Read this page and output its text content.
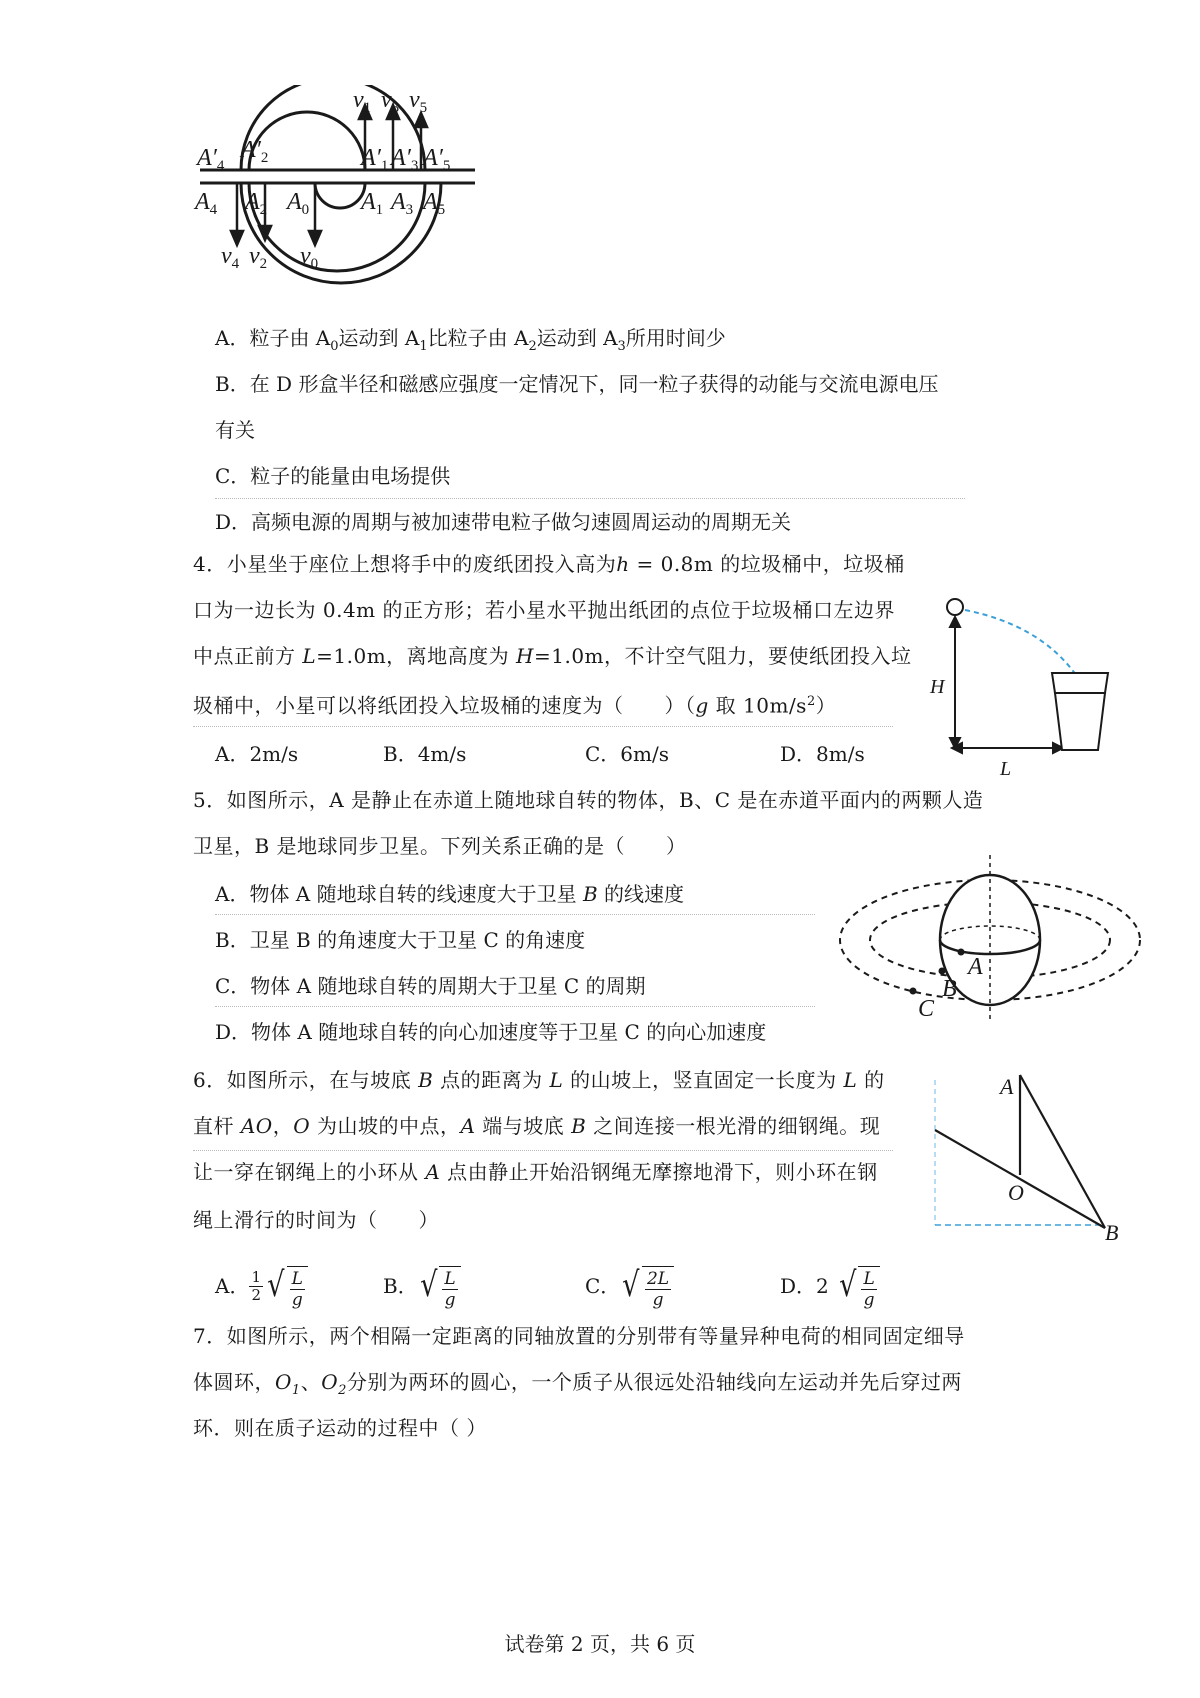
$v_1$ $v_3$ $v_5$
$v_4$ $v_2$ $v_0$
$A'_4$
$A'_2$	$A'_1$ $A'_3$ $A'_5$
$A_4$ $A_2$ $A_0$ $A_1$ $A_3$ $A_5$
A．粒子由 $A_0$运动到 $A_1$比粒子由 $A_2$运动到 $A_3$所用时间少
B．在 D 形盒半径和磁感应强度一定情况下，同一粒子获得的动能与交流电源电压
有关
C．粒子的能量由电场提供
D．高频电源的周期与被加速带电粒子做匀速圆周运动的周期无关
4．小星坐于座位上想将手中的废纸团投入高为h = 0.8m 的垃圾桶中，垃圾桶
口为一边长为 0.4m 的正方形；若小星水平抛出纸团的点位于垃圾桶口左边界
中点正前方 L=1.0m，离地高度为 H=1.0m，不计空气阻力，要使纸团投入垃
圾桶中，小星可以将纸团投入垃圾桶的速度为（　　）（g 取 $10m/s^2$）
A．2m/s	B．4m/s	C．6m/s	D．8m/s
H
L
5．如图所示，A 是静止在赤道上随地球自转的物体，B、C 是在赤道平面内的两颗人造
卫星，B 是地球同步卫星。下列关系正确的是（　　）
A．物体 A 随地球自转的线速度大于卫星 B 的线速度
B．卫星 B 的角速度大于卫星 C 的角速度
C．物体 A 随地球自转的周期大于卫星 C 的周期
D．物体 A 随地球自转的向心加速度等于卫星 C 的向心加速度
A
B
C
6．如图所示，在与坡底 B 点的距离为 L 的山坡上，竖直固定一长度为 L 的
直杆 AO，O 为山坡的中点，A 端与坡底 B 之间连接一根光滑的细钢绳。现
让一穿在钢绳上的小环从 A 点由静止开始沿钢绳无摩擦地滑下，则小环在钢
绳上滑行的时间为（　　）
A． $\frac{1}{2}$ √ $\frac{L}{g}$	B． √ $\frac{L}{g}$	C． √ $\frac{2L}{g}$	D．2 √ $\frac{L}{g}$
A
O
B
7．如图所示，两个相隔一定距离的同轴放置的分别带有等量异种电荷的相同固定细导
体圆环，$O_1$、$O_2$分别为两环的圆心，一个质子从很远处沿轴线向左运动并先后穿过两
环．则在质子运动的过程中（ ）
试卷第 2 页，共 6 页
